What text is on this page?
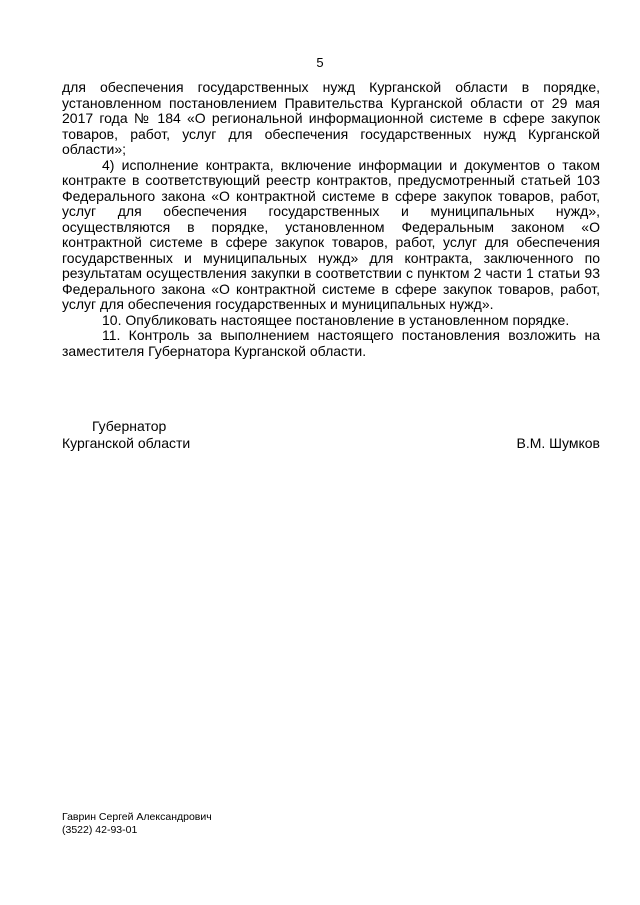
5

для обеспечения государственных нужд Курганской области в порядке, установленном постановлением Правительства Курганской области от 29 мая 2017 года № 184 «О региональной информационной системе в сфере закупок товаров, работ, услуг для обеспечения государственных нужд Курганской области»;

4) исполнение контракта, включение информации и документов о таком контракте в соответствующий реестр контрактов, предусмотренный статьей 103 Федерального закона «О контрактной системе в сфере закупок товаров, работ, услуг для обеспечения государственных и муниципальных нужд», осуществляются в порядке, установленном Федеральным законом «О контрактной системе в сфере закупок товаров, работ, услуг для обеспечения государственных и муниципальных нужд» для контракта, заключенного по результатам осуществления закупки в соответствии с пунктом 2 части 1 статьи 93 Федерального закона «О контрактной системе в сфере закупок товаров, работ, услуг для обеспечения государственных и муниципальных нужд».

10. Опубликовать настоящее постановление в установленном порядке.

11. Контроль за выполнением настоящего постановления возложить на заместителя Губернатора Курганской области.

Губернатор
Курганской области	В.М. Шумков
Гаврин Сергей Александрович
(3522) 42-93-01
